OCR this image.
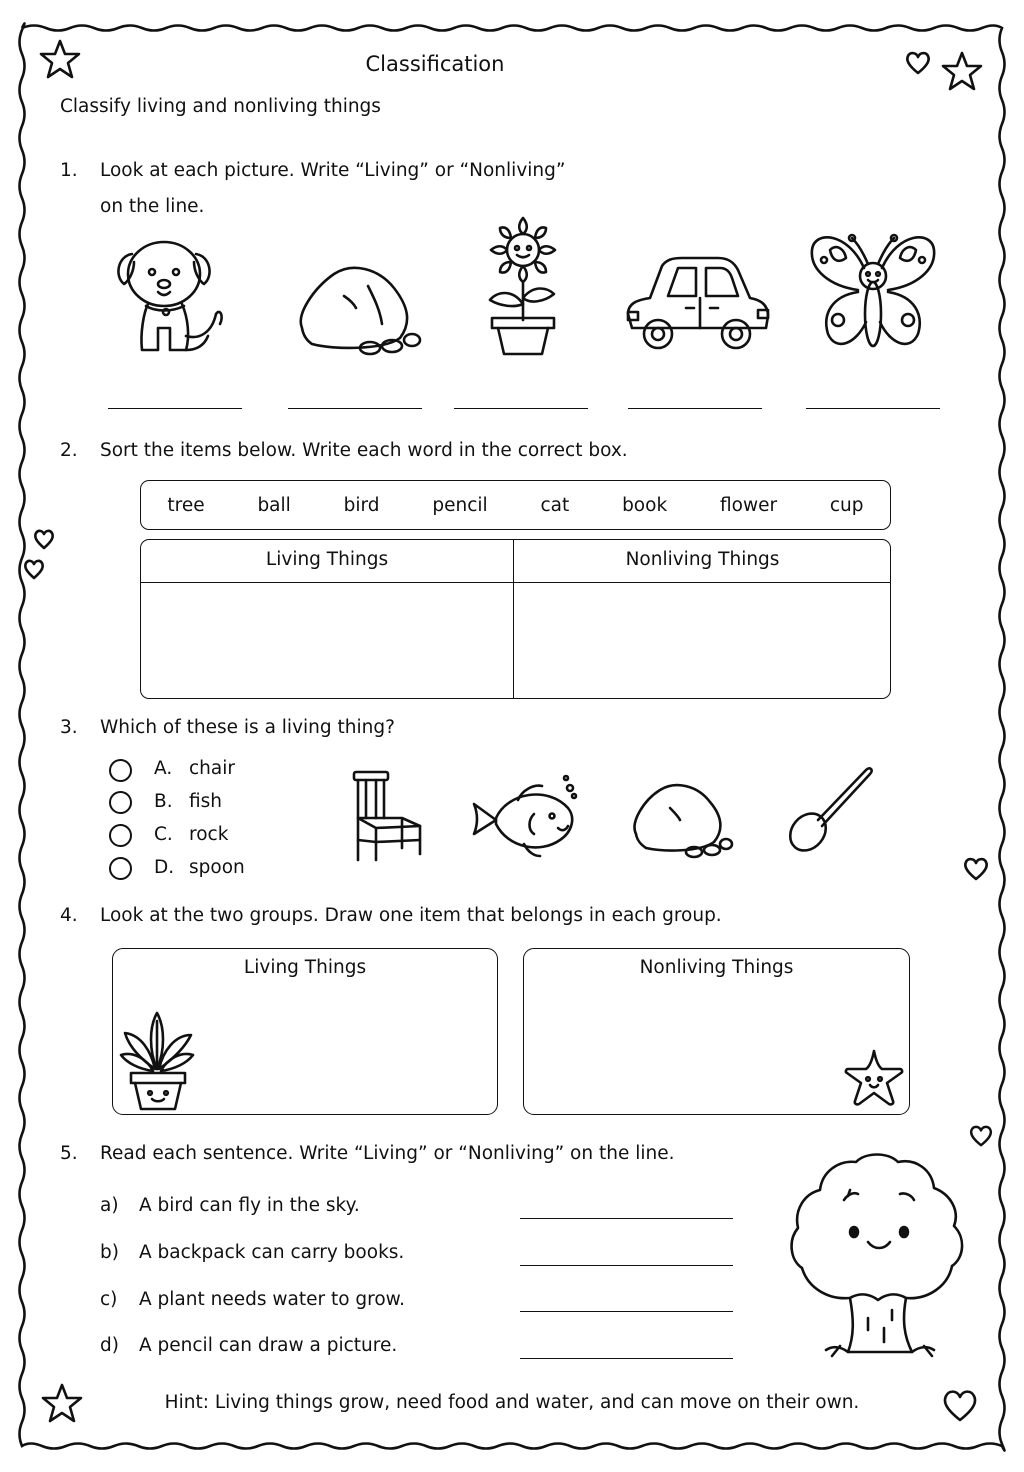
Classification
Classify living and nonliving things
1. Look at each picture. Write “Living” or “Nonliving”
on the line.
2. Sort the items below. Write each word in the correct box.
tree	ball	bird	pencil	cat	book	flower	cup
Living Things	Nonliving Things
3. Which of these is a living thing?
A. chair
B. fish
C. rock
D. spoon
4. Look at the two groups. Draw one item that belongs in each group.
Living Things	Nonliving Things
5. Read each sentence. Write “Living” or “Nonliving” on the line.
a) A bird can fly in the sky.
b) A backpack can carry books.
c) A plant needs water to grow.
d) A pencil can draw a picture.
Hint: Living things grow, need food and water, and can move on their own.
